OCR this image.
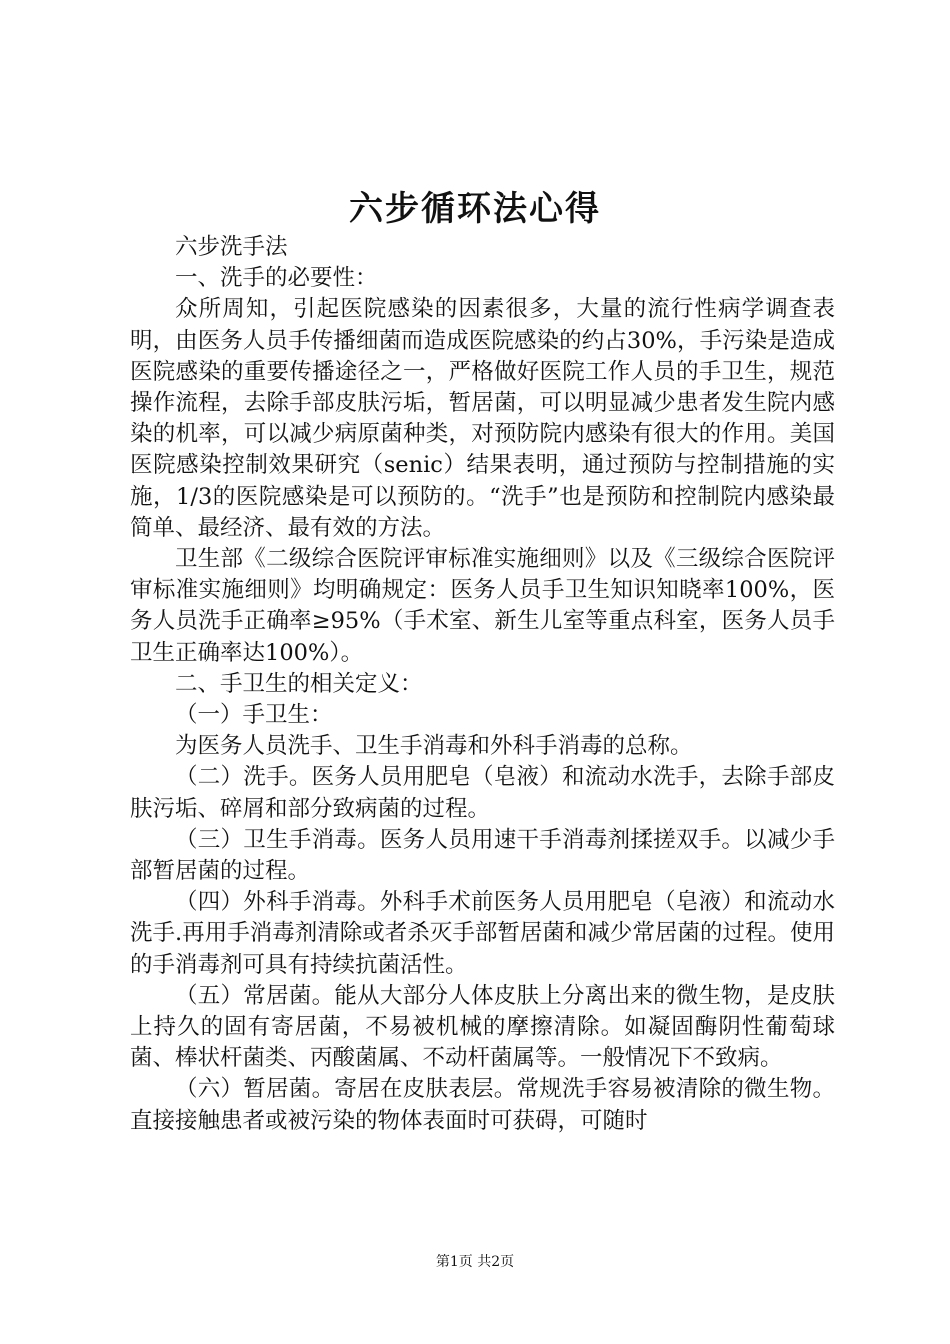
六步循环法心得

六步洗手法

一、洗手的必要性：

众所周知，引起医院感染的因素很多，大量的流行性病学调查表明，由医务人员手传播细菌而造成医院感染的约占30%，手污染是造成医院感染的重要传播途径之一，严格做好医院工作人员的手卫生，规范操作流程，去除手部皮肤污垢，暂居菌，可以明显减少患者发生院内感染的机率，可以减少病原菌种类，对预防院内感染有很大的作用。美国医院感染控制效果研究（senic）结果表明，通过预防与控制措施的实施，1/3的医院感染是可以预防的。“洗手”也是预防和控制院内感染最简单、最经济、最有效的方法。

卫生部《二级综合医院评审标准实施细则》以及《三级综合医院评审标准实施细则》均明确规定：医务人员手卫生知识知晓率100%，医务人员洗手正确率≥95%（手术室、新生儿室等重点科室，医务人员手卫生正确率达100%）。

二、手卫生的相关定义：

（一）手卫生：

为医务人员洗手、卫生手消毒和外科手消毒的总称。

（二）洗手。医务人员用肥皂（皂液）和流动水洗手，去除手部皮肤污垢、碎屑和部分致病菌的过程。

（三）卫生手消毒。医务人员用速干手消毒剂揉搓双手。以减少手部暂居菌的过程。

（四）外科手消毒。外科手术前医务人员用肥皂（皂液）和流动水洗手.再用手消毒剂清除或者杀灭手部暂居菌和减少常居菌的过程。使用的手消毒剂可具有持续抗菌活性。

（五）常居菌。能从大部分人体皮肤上分离出来的微生物，是皮肤上持久的固有寄居菌，不易被机械的摩擦清除。如凝固酶阴性葡萄球菌、棒状杆菌类、丙酸菌属、不动杆菌属等。一般情况下不致病。

（六）暂居菌。寄居在皮肤表层。常规洗手容易被清除的微生物。直接接触患者或被污染的物体表面时可获碍，可随时

第1页 共2页
